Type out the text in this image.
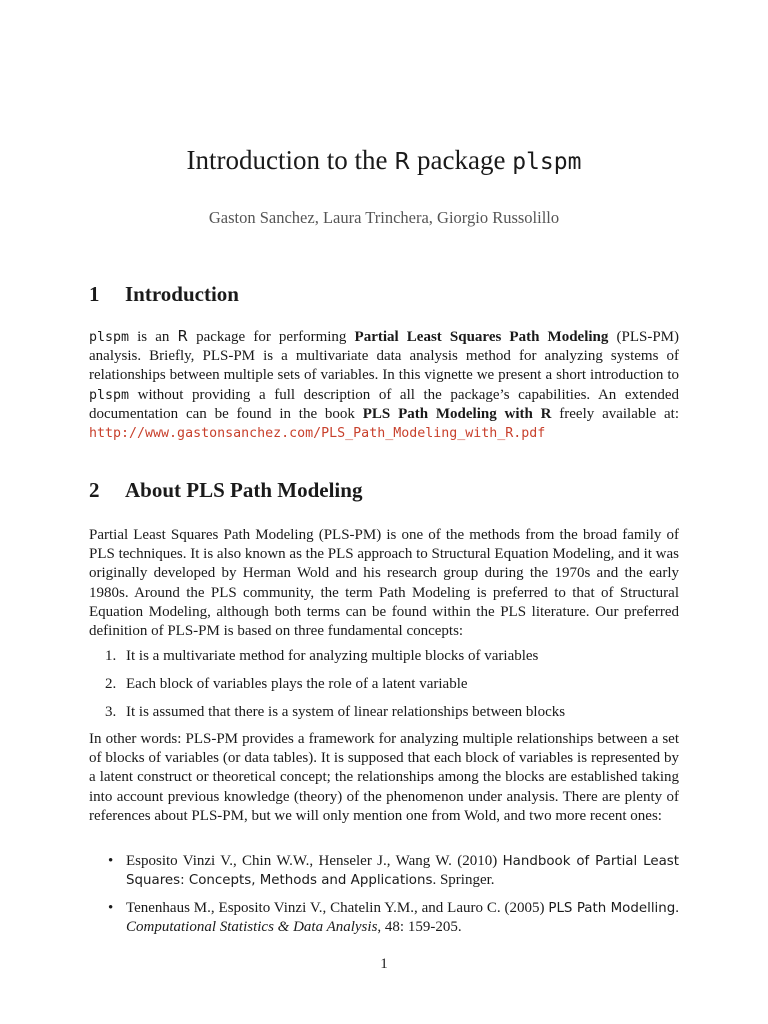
Introduction to the R package plspm
Gaston Sanchez, Laura Trinchera, Giorgio Russolillo
1 Introduction

plspm is an R package for performing Partial Least Squares Path Modeling (PLS-PM) analysis. Briefly, PLS-PM is a multivariate data analysis method for analyzing systems of relationships between multiple sets of variables. In this vignette we present a short introduction to plspm without providing a full description of all the package’s capabilities. An extended documentation can be found in the book PLS Path Modeling with R freely available at: http://www.gastonsanchez.com/PLS_Path_Modeling_with_R.pdf

2 About PLS Path Modeling

Partial Least Squares Path Modeling (PLS-PM) is one of the methods from the broad family of PLS techniques. It is also known as the PLS approach to Structural Equation Modeling, and it was originally developed by Herman Wold and his research group during the 1970s and the early 1980s. Around the PLS community, the term Path Modeling is preferred to that of Structural Equation Modeling, although both terms can be found within the PLS literature. Our preferred definition of PLS-PM is based on three fundamental concepts:

1. It is a multivariate method for analyzing multiple blocks of variables
2. Each block of variables plays the role of a latent variable
3. It is assumed that there is a system of linear relationships between blocks

In other words: PLS-PM provides a framework for analyzing multiple relationships between a set of blocks of variables (or data tables). It is supposed that each block of variables is represented by a latent construct or theoretical concept; the relationships among the blocks are established taking into account previous knowledge (theory) of the phenomenon under analysis. There are plenty of references about PLS-PM, but we will only mention one from Wold, and two more recent ones:

• Esposito Vinzi V., Chin W.W., Henseler J., Wang W. (2010) Handbook of Partial Least Squares: Concepts, Methods and Applications. Springer.
• Tenenhaus M., Esposito Vinzi V., Chatelin Y.M., and Lauro C. (2005) PLS Path Modelling. Computational Statistics & Data Analysis, 48: 159-205.
1
